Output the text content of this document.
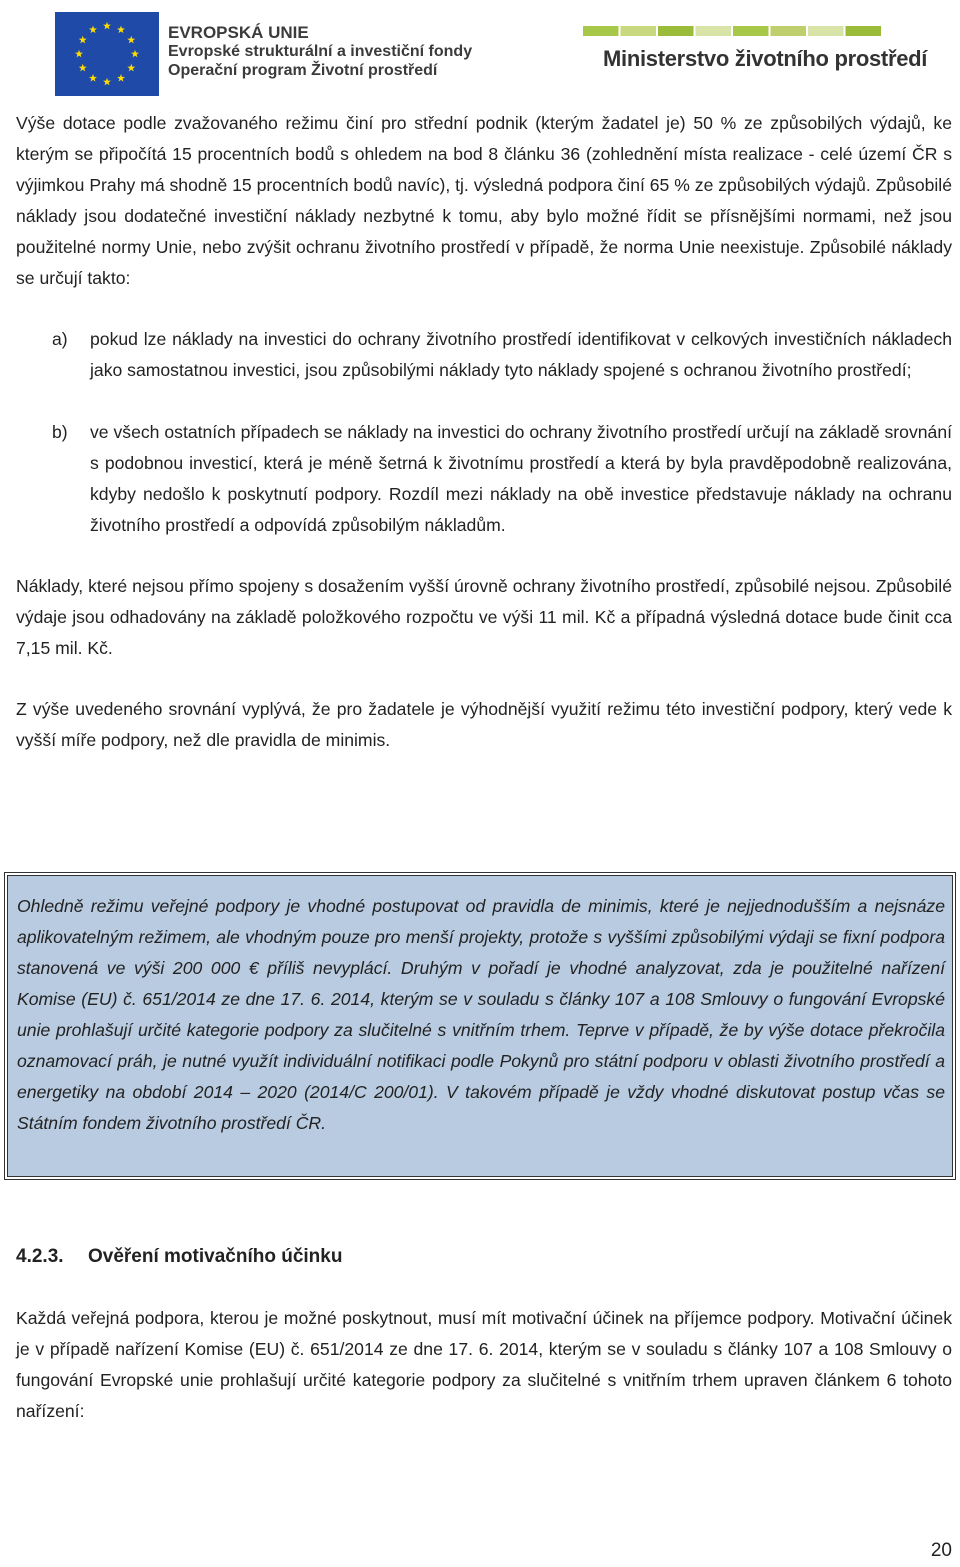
EVROPSKÁ UNIE
Evropské strukturální a investiční fondy
Operační program Životní prostředí	Ministerstvo životního prostředí

Výše dotace podle zvažovaného režimu činí pro střední podnik (kterým žadatel je) 50 % ze způsobilých výdajů, ke kterým se připočítá 15 procentních bodů s ohledem na bod 8 článku 36 (zohlednění místa realizace - celé území ČR s výjimkou Prahy má shodně 15 procentních bodů navíc), tj. výsledná podpora činí 65 % ze způsobilých výdajů. Způsobilé náklady jsou dodatečné investiční náklady nezbytné k tomu, aby bylo možné řídit se přísnějšími normami, než jsou použitelné normy Unie, nebo zvýšit ochranu životního prostředí v případě, že norma Unie neexistuje. Způsobilé náklady se určují takto:

a) pokud lze náklady na investici do ochrany životního prostředí identifikovat v celkových investičních nákladech jako samostatnou investici, jsou způsobilými náklady tyto náklady spojené s ochranou životního prostředí;

b) ve všech ostatních případech se náklady na investici do ochrany životního prostředí určují na základě srovnání s podobnou investicí, která je méně šetrná k životnímu prostředí a která by byla pravděpodobně realizována, kdyby nedošlo k poskytnutí podpory. Rozdíl mezi náklady na obě investice představuje náklady na ochranu životního prostředí a odpovídá způsobilým nákladům.

Náklady, které nejsou přímo spojeny s dosažením vyšší úrovně ochrany životního prostředí, způsobilé nejsou. Způsobilé výdaje jsou odhadovány na základě položkového rozpočtu ve výši 11 mil. Kč a případná výsledná dotace bude činit cca 7,15 mil. Kč.

Z výše uvedeného srovnání vyplývá, že pro žadatele je výhodnější využití režimu této investiční podpory, který vede k vyšší míře podpory, než dle pravidla de minimis.

Ohledně režimu veřejné podpory je vhodné postupovat od pravidla de minimis, které je nejjednodušším a nejsnáze aplikovatelným režimem, ale vhodným pouze pro menší projekty, protože s vyššími způsobilými výdaji se fixní podpora stanovená ve výši 200 000 € příliš nevyplácí. Druhým v pořadí je vhodné analyzovat, zda je použitelné nařízení Komise (EU) č. 651/2014 ze dne 17. 6. 2014, kterým se v souladu s články 107 a 108 Smlouvy o fungování Evropské unie prohlašují určité kategorie podpory za slučitelné s vnitřním trhem. Teprve v případě, že by výše dotace překročila oznamovací práh, je nutné využít individuální notifikaci podle Pokynů pro státní podporu v oblasti životního prostředí a energetiky na období 2014 – 2020 (2014/C 200/01). V takovém případě je vždy vhodné diskutovat postup včas se Státním fondem životního prostředí ČR.

4.2.3. Ověření motivačního účinku

Každá veřejná podpora, kterou je možné poskytnout, musí mít motivační účinek na příjemce podpory. Motivační účinek je v případě nařízení Komise (EU) č. 651/2014 ze dne 17. 6. 2014, kterým se v souladu s články 107 a 108 Smlouvy o fungování Evropské unie prohlašují určité kategorie podpory za slučitelné s vnitřním trhem upraven článkem 6 tohoto nařízení:

20
